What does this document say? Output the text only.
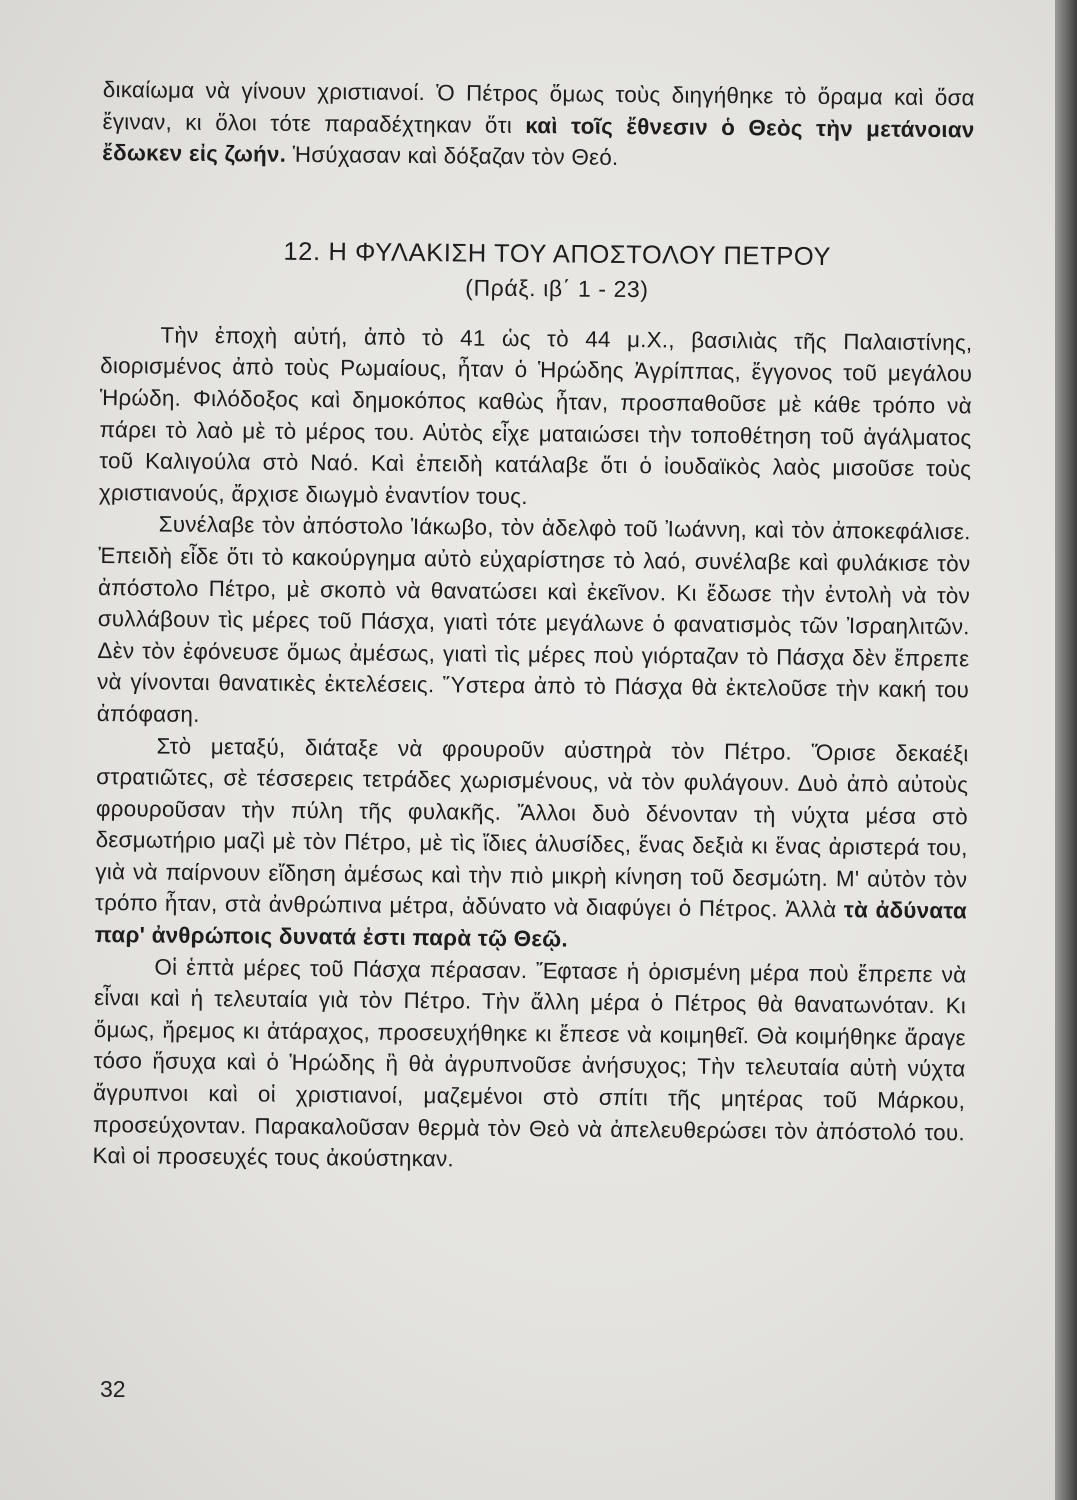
δικαίωμα νὰ γίνουν χριστιανοί. Ὁ Πέτρος ὅμως τοὺς διηγήθηκε τὸ ὅραμα καὶ ὅσα ἔγιναν, κι ὅλοι τότε παραδέχτηκαν ὅτι καὶ τοῖς ἔθνεσιν ὁ Θεὸς τὴν μετάνοιαν ἔδωκεν εἰς ζωήν. Ἡσύχασαν καὶ δόξαζαν τὸν Θεό.

12. Η ΦΥΛΑΚΙΣΗ ΤΟΥ ΑΠΟΣΤΟΛΟΥ ΠΕΤΡΟΥ
(Πράξ. ιβ΄ 1 - 23)

Τὴν ἐποχὴ αὐτή, ἀπὸ τὸ 41 ὡς τὸ 44 μ.Χ., βασιλιὰς τῆς Παλαιστίνης, διορισμένος ἀπὸ τοὺς Ρωμαίους, ἦταν ὁ Ἡρώδης Ἀγρίππας, ἔγγονος τοῦ μεγάλου Ἡρώδη. Φιλόδοξος καὶ δημοκόπος καθὼς ἦταν, προσπαθοῦσε μὲ κάθε τρόπο νὰ πάρει τὸ λαὸ μὲ τὸ μέρος του. Αὐτὸς εἶχε ματαιώσει τὴν τοποθέτηση τοῦ ἀγάλματος τοῦ Καλιγούλα στὸ Ναό. Καὶ ἐπειδὴ κατάλαβε ὅτι ὁ ἰουδαϊκὸς λαὸς μισοῦσε τοὺς χριστιανούς, ἄρχισε διωγμὸ ἐναντίον τους.

Συνέλαβε τὸν ἀπόστολο Ἰάκωβο, τὸν ἀδελφὸ τοῦ Ἰωάννη, καὶ τὸν ἀποκεφάλισε. Ἐπειδὴ εἶδε ὅτι τὸ κακούργημα αὐτὸ εὐχαρίστησε τὸ λαό, συνέλαβε καὶ φυλάκισε τὸν ἀπόστολο Πέτρο, μὲ σκοπὸ νὰ θανατώσει καὶ ἐκεῖνον. Κι ἔδωσε τὴν ἐντολὴ νὰ τὸν συλλάβουν τὶς μέρες τοῦ Πάσχα, γιατὶ τότε μεγάλωνε ὁ φανατισμὸς τῶν Ἰσραηλιτῶν. Δὲν τὸν ἐφόνευσε ὅμως ἀμέσως, γιατὶ τὶς μέρες ποὺ γιόρταζαν τὸ Πάσχα δὲν ἔπρεπε νὰ γίνονται θανατικὲς ἐκτελέσεις. Ὕστερα ἀπὸ τὸ Πάσχα θὰ ἐκτελοῦσε τὴν κακή του ἀπόφαση.

Στὸ μεταξύ, διάταξε νὰ φρουροῦν αὐστηρὰ τὸν Πέτρο. Ὅρισε δεκαέξι στρατιῶτες, σὲ τέσσερεις τετράδες χωρισμένους, νὰ τὸν φυλάγουν. Δυὸ ἀπὸ αὐτοὺς φρουροῦσαν τὴν πύλη τῆς φυλακῆς. Ἄλλοι δυὸ δένονταν τὴ νύχτα μέσα στὸ δεσμωτήριο μαζὶ μὲ τὸν Πέτρο, μὲ τὶς ἴδιες ἁλυσίδες, ἕνας δεξιὰ κι ἕνας ἀριστερά του, γιὰ νὰ παίρνουν εἴδηση ἀμέσως καὶ τὴν πιὸ μικρὴ κίνηση τοῦ δεσμώτη. Μ' αὐτὸν τὸν τρόπο ἦταν, στὰ ἀνθρώπινα μέτρα, ἀδύνατο νὰ διαφύγει ὁ Πέτρος. Ἀλλὰ τὰ ἀδύνατα παρ' ἀνθρώποις δυνατά ἐστι παρὰ τῷ Θεῷ.

Οἱ ἑπτὰ μέρες τοῦ Πάσχα πέρασαν. Ἔφτασε ἡ ὁρισμένη μέρα ποὺ ἔπρεπε νὰ εἶναι καὶ ἡ τελευταία γιὰ τὸν Πέτρο. Τὴν ἄλλη μέρα ὁ Πέτρος θὰ θανατωνόταν. Κι ὅμως, ἤρεμος κι ἀτάραχος, προσευχήθηκε κι ἔπεσε νὰ κοιμηθεῖ. Θὰ κοιμήθηκε ἄραγε τόσο ἥσυχα καὶ ὁ Ἡρώδης ἢ θὰ ἀγρυπνοῦσε ἀνήσυχος; Τὴν τελευταία αὐτὴ νύχτα ἄγρυπνοι καὶ οἱ χριστιανοί, μαζεμένοι στὸ σπίτι τῆς μητέρας τοῦ Μάρκου, προσεύχονταν. Παρακαλοῦσαν θερμὰ τὸν Θεὸ νὰ ἀπελευθερώσει τὸν ἀπόστολό του. Καὶ οἱ προσευχές τους ἀκούστηκαν.

32
